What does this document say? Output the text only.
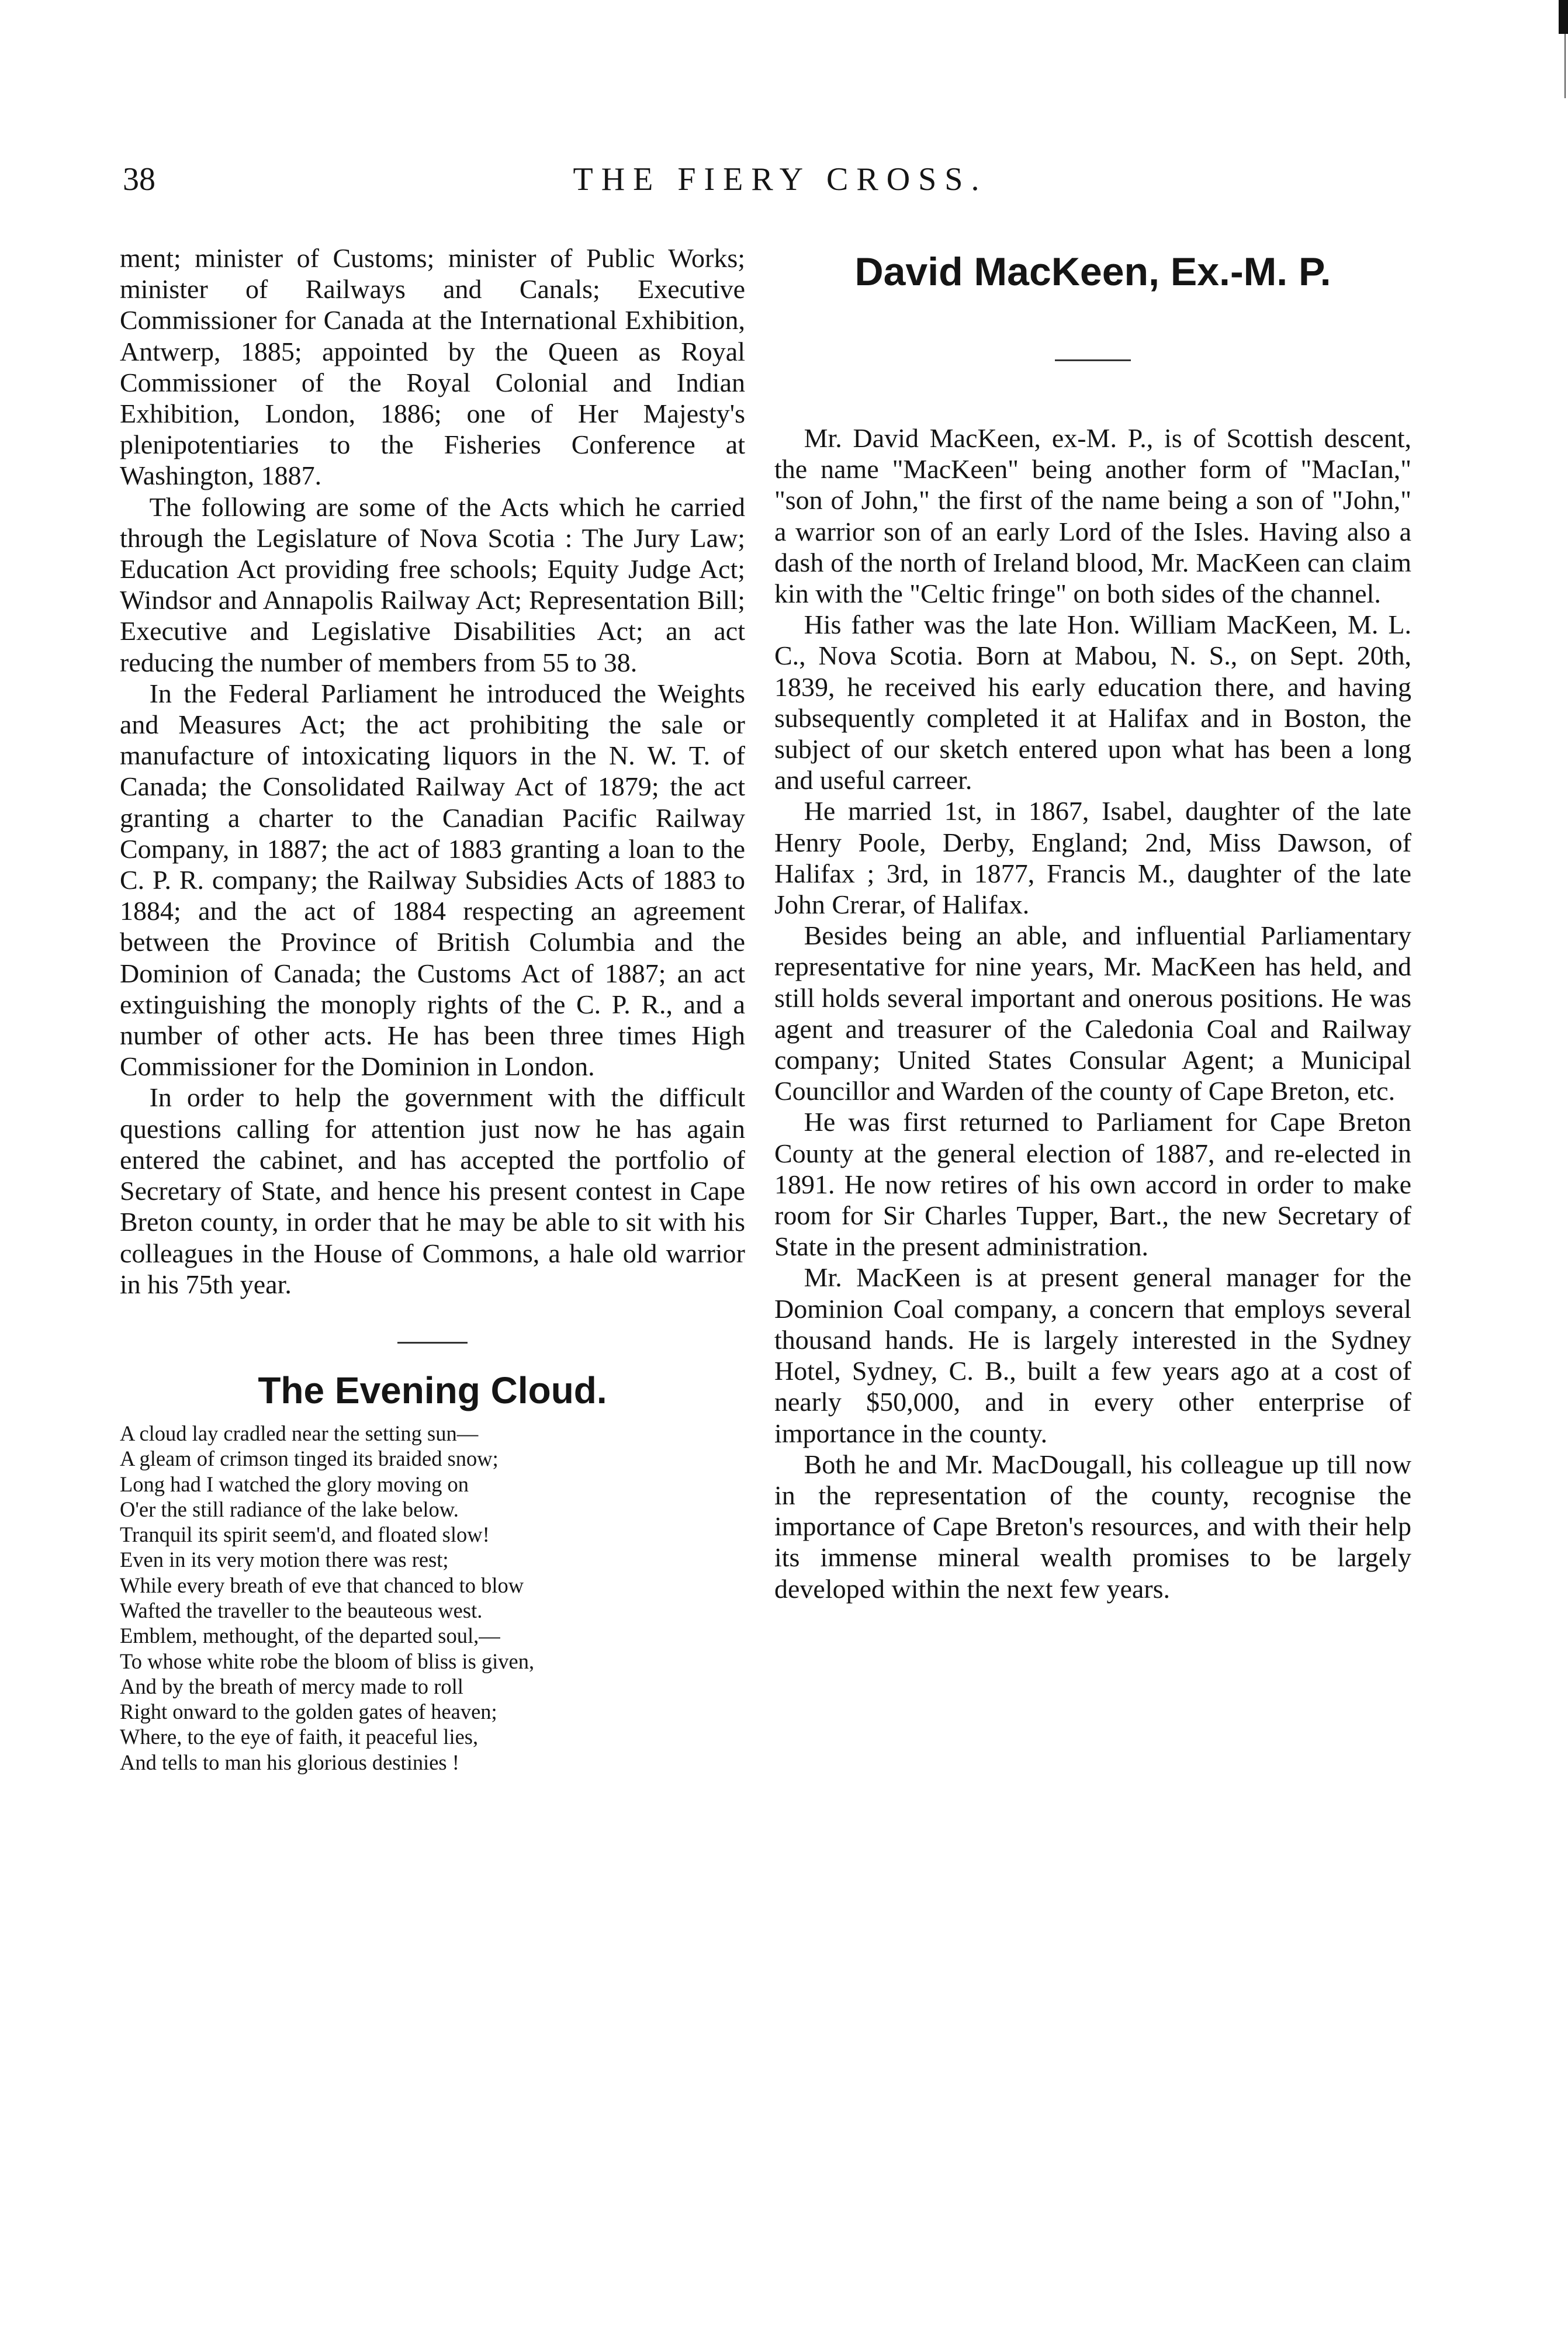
38	THE FIERY CROSS.

ment; minister of Customs; minister of Public Works; minister of Railways and Canals; Executive Commissioner for Canada at the International Exhibition, Antwerp, 1885; appointed by the Queen as Royal Commissioner of the Royal Colonial and Indian Exhibition, London, 1886; one of Her Majesty's plenipotentiaries to the Fisheries Conference at Washington, 1887.

The following are some of the Acts which he carried through the Legislature of Nova Scotia : The Jury Law; Education Act providing free schools; Equity Judge Act; Windsor and Annapolis Railway Act; Representation Bill; Executive and Legislative Disabilities Act; an act reducing the number of members from 55 to 38.

In the Federal Parliament he introduced the Weights and Measures Act; the act prohibiting the sale or manufacture of intoxicating liquors in the N. W. T. of Canada; the Consolidated Railway Act of 1879; the act granting a charter to the Canadian Pacific Railway Company, in 1887; the act of 1883 granting a loan to the C. P. R. company; the Railway Subsidies Acts of 1883 to 1884; and the act of 1884 respecting an agreement between the Province of British Columbia and the Dominion of Canada; the Customs Act of 1887; an act extinguishing the monoply rights of the C. P. R., and a number of other acts. He has been three times High Commissioner for the Dominion in London.

In order to help the government with the difficult questions calling for attention just now he has again entered the cabinet, and has accepted the portfolio of Secretary of State, and hence his present contest in Cape Breton county, in order that he may be able to sit with his colleagues in the House of Commons, a hale old warrior in his 75th year.

The Evening Cloud.

A cloud lay cradled near the setting sun—

A gleam of crimson tinged its braided snow;

Long had I watched the glory moving on

O'er the still radiance of the lake below.

Tranquil its spirit seem'd, and floated slow!

Even in its very motion there was rest;

While every breath of eve that chanced to blow

Wafted the traveller to the beauteous west.

Emblem, methought, of the departed soul,—

To whose white robe the bloom of bliss is given,

And by the breath of mercy made to roll

Right onward to the golden gates of heaven;

Where, to the eye of faith, it peaceful lies,

And tells to man his glorious destinies !

David MacKeen, Ex.-M. P.

Mr. David MacKeen, ex-M. P., is of Scottish descent, the name "MacKeen" being another form of "MacIan," "son of John," the first of the name being a son of "John," a warrior son of an early Lord of the Isles. Having also a dash of the north of Ireland blood, Mr. MacKeen can claim kin with the "Celtic fringe" on both sides of the channel.

His father was the late Hon. William MacKeen, M. L. C., Nova Scotia. Born at Mabou, N. S., on Sept. 20th, 1839, he received his early education there, and having subsequently completed it at Halifax and in Boston, the subject of our sketch entered upon what has been a long and useful carreer.

He married 1st, in 1867, Isabel, daughter of the late Henry Poole, Derby, England; 2nd, Miss Dawson, of Halifax ; 3rd, in 1877, Francis M., daughter of the late John Crerar, of Halifax.

Besides being an able, and influential Parliamentary representative for nine years, Mr. MacKeen has held, and still holds several important and onerous positions. He was agent and treasurer of the Caledonia Coal and Railway company; United States Consular Agent; a Municipal Councillor and Warden of the county of Cape Breton, etc.

He was first returned to Parliament for Cape Breton County at the general election of 1887, and re-elected in 1891. He now retires of his own accord in order to make room for Sir Charles Tupper, Bart., the new Secretary of State in the present administration.

Mr. MacKeen is at present general manager for the Dominion Coal company, a concern that employs several thousand hands. He is largely interested in the Sydney Hotel, Sydney, C. B., built a few years ago at a cost of nearly $50,000, and in every other enterprise of importance in the county.

Both he and Mr. MacDougall, his colleague up till now in the representation of the county, recognise the importance of Cape Breton's resources, and with their help its immense mineral wealth promises to be largely developed within the next few years.
